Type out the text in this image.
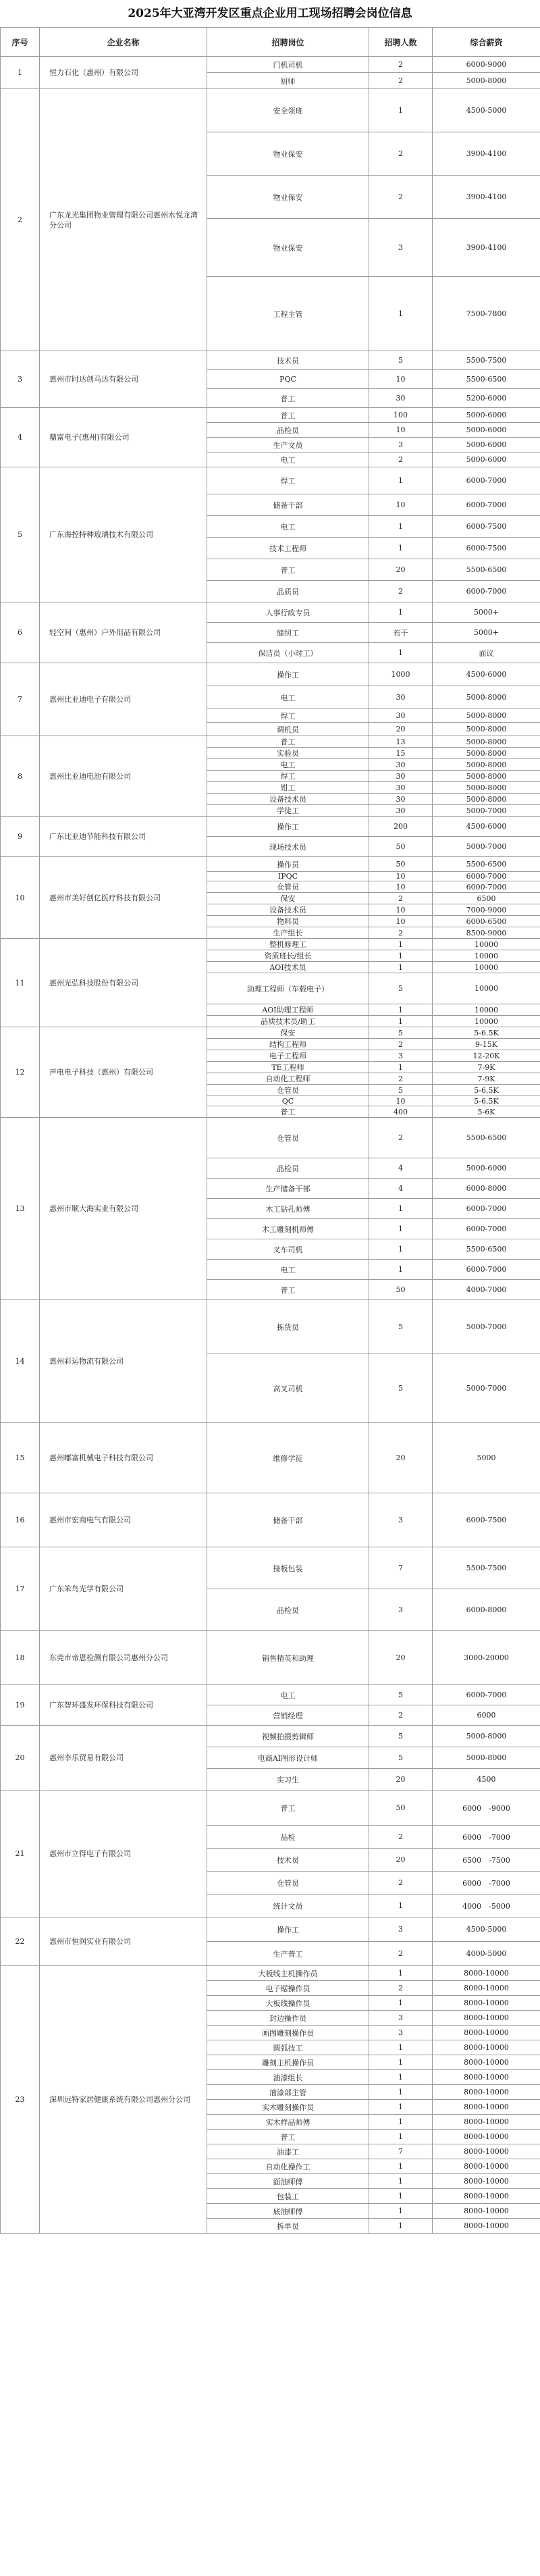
2025年大亚湾开发区重点企业用工现场招聘会岗位信息
序号	企业名称	招聘岗位	招聘人数	综合薪资
1	恒力石化（惠州）有限公司	门机司机	2	6000-9000
		厨师	2	5000-8000
2	广东龙光集团物业管理有限公司惠州水悦龙湾分公司	安全领班	1	4500-5000
		物业保安	2	3900-4100
		物业保安	2	3900-4100
		物业保安	3	3900-4100
		工程主管	1	7500-7800
3	惠州市时达创马达有限公司	技术员	5	5500-7500
		PQC	10	5500-6500
		普工	30	5200-6000
4	鼎富电子(惠州)有限公司	普工	100	5000-6000
		品检员	10	5000-6000
		生产文员	3	5000-6000
		电工	2	5000-6000
5	广东海控特种玻璃技术有限公司	焊工	1	6000-7000
		储备干部	10	6000-7000
		电工	1	6000-7500
		技术工程师	1	6000-7500
		普工	20	5500-6500
		品质员	2	6000-7000
6	轻空间（惠州）户外用品有限公司	人事行政专员	1	5000+
		缝纫工	若干	5000+
		保洁员（小时工）	1	面议
7	惠州比亚迪电子有限公司	操作工	1000	4500-6000
		电工	30	5000-8000
		焊工	30	5000-8000
		调机员	20	5000-8000
8	惠州比亚迪电池有限公司	普工	13	5000-8000
		实验员	15	5000-8000
		电工	30	5000-8000
		焊工	30	5000-8000
		钳工	30	5000-8000
		设备技术员	30	5000-8000
		学徒工	30	5000-7000
9	广东比亚迪节能科技有限公司	操作工	200	4500-6000
		现场技术员	50	5000-7000
10	惠州市美好创亿医疗科技有限公司	操作员	50	5500-6500
		IPQC	10	6000-7000
		仓管员	10	6000-7000
		保安	2	6500
		设备技术员	10	7000-9000
		物料员	10	6000-6500
		生产组长	2	8500-9000
11	惠州光弘科技股份有限公司	整机修理工	1	10000
		资质班长/组长	1	10000
		AOI技术员	1	10000
		助理工程师（车载电子）	5	10000
		AOI助理工程师	1	10000
		品质技术员/助工	1	10000
12	声电电子科技（惠州）有限公司	保安	5	5-6.5K
		结构工程师	2	9-15K
		电子工程师	3	12-20K
		TE工程师	1	7-9K
		自动化工程师	2	7-9K
		仓管员	5	5-6.5K
		QC	10	5-6.5K
		普工	400	5-6K
13	惠州市顺大海实业有限公司	仓管员	2	5500-6500
		品检员	4	5000-6000
		生产储备干部	4	6000-8000
		木工钻孔师傅	1	6000-7000
		木工雕刻机师傅	1	6000-7000
		叉车司机	1	5500-6500
		电工	1	6000-7000
		普工	50	4000-7000
14	惠州彩运物流有限公司	拣货员	5	5000-7000
		高叉司机	5	5000-7000
15	惠州嘟富机械电子科技有限公司	维修学徒	20	5000
16	惠州市宏商电气有限公司	储备干部	3	6000-7500
17	广东笨鸟光学有限公司	接板包装	7	5500-7500
		品检员	3	6000-8000
18	东莞市帝恩检测有限公司惠州分公司	销售精英和助理	20	3000-20000
19	广东智环盛发环保科技有限公司	电工	5	6000-7000
		营销经理	2	6000
20	惠州李乐贸易有限公司	视频拍摄剪辑师	5	5000-8000
		电商AI图形设计师	5	5000-8000
		实习生	20	4500
21	惠州市立得电子有限公司	普工	50	6000　-9000
		品检	2	6000　-7000
		技术员	20	6500　-7500
		仓管员	2	6000　-7000
		统计文员	1	4000　-5000
22	惠州市恒润实业有限公司	操作工	3	4500-5000
		生产普工	2	4000-5000
23	深圳远特家居健康系统有限公司惠州分公司	大板线主机操作员	1	8000-10000
		电子锯操作员	2	8000-10000
		大板线操作员	1	8000-10000
		封边操作员	3	8000-10000
		画图雕刻操作员	3	8000-10000
		圆弧技工	1	8000-10000
		雕刻主机操作员	1	8000-10000
		油漆组长	1	8000-10000
		油漆部主管	1	8000-10000
		实木雕刻操作员	1	8000-10000
		实木样品师傅	1	8000-10000
		普工	1	8000-10000
		油漆工	7	8000-10000
		自动化操作工	1	8000-10000
		面油师傅	1	8000-10000
		包装工	1	8000-10000
		底油师傅	1	8000-10000
		拆单员	1	8000-10000
